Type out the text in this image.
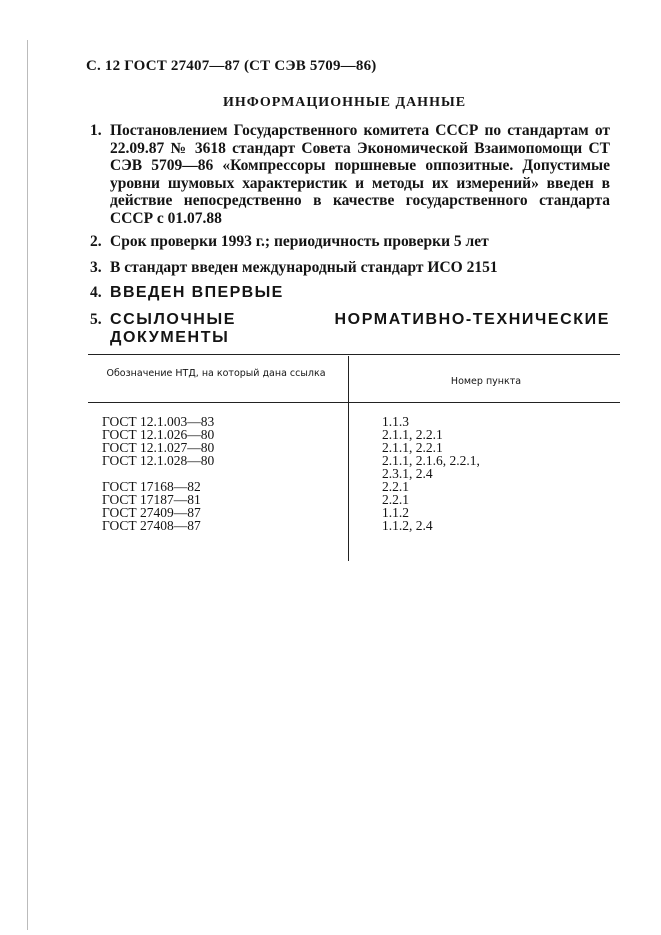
С. 12 ГОСТ 27407—87 (СТ СЭВ 5709—86)
ИНФОРМАЦИОННЫЕ ДАННЫЕ
1. Постановлением Государственного комитета СССР по стандартам от 22.09.87 № 3618 стандарт Совета Экономической Взаимопомощи СТ СЭВ 5709—86 «Компрессоры поршневые оппозитные. Допустимые уровни шумовых характеристик и методы их измерений» введен в действие непосредственно в качестве государственного стандарта СССР с 01.07.88
2. Срок проверки 1993 г.; периодичность проверки 5 лет
3. В стандарт введен международный стандарт ИСО 2151
4. ВВЕДЕН ВПЕРВЫЕ
5. ССЫЛОЧНЫЕ НОРМАТИВНО-ТЕХНИЧЕСКИЕ ДОКУМЕНТЫ
Обозначение НТД, на который дана ссылка
Номер пункта
ГОСТ 12.1.003—83	1.1.3
ГОСТ 12.1.026—80	2.1.1, 2.2.1
ГОСТ 12.1.027—80	2.1.1, 2.2.1
ГОСТ 12.1.028—80	2.1.1, 2.1.6, 2.2.1,
2.3.1, 2.4
ГОСТ 17168—82	2.2.1
ГОСТ 17187—81	2.2.1
ГОСТ 27409—87	1.1.2
ГОСТ 27408—87	1.1.2, 2.4
